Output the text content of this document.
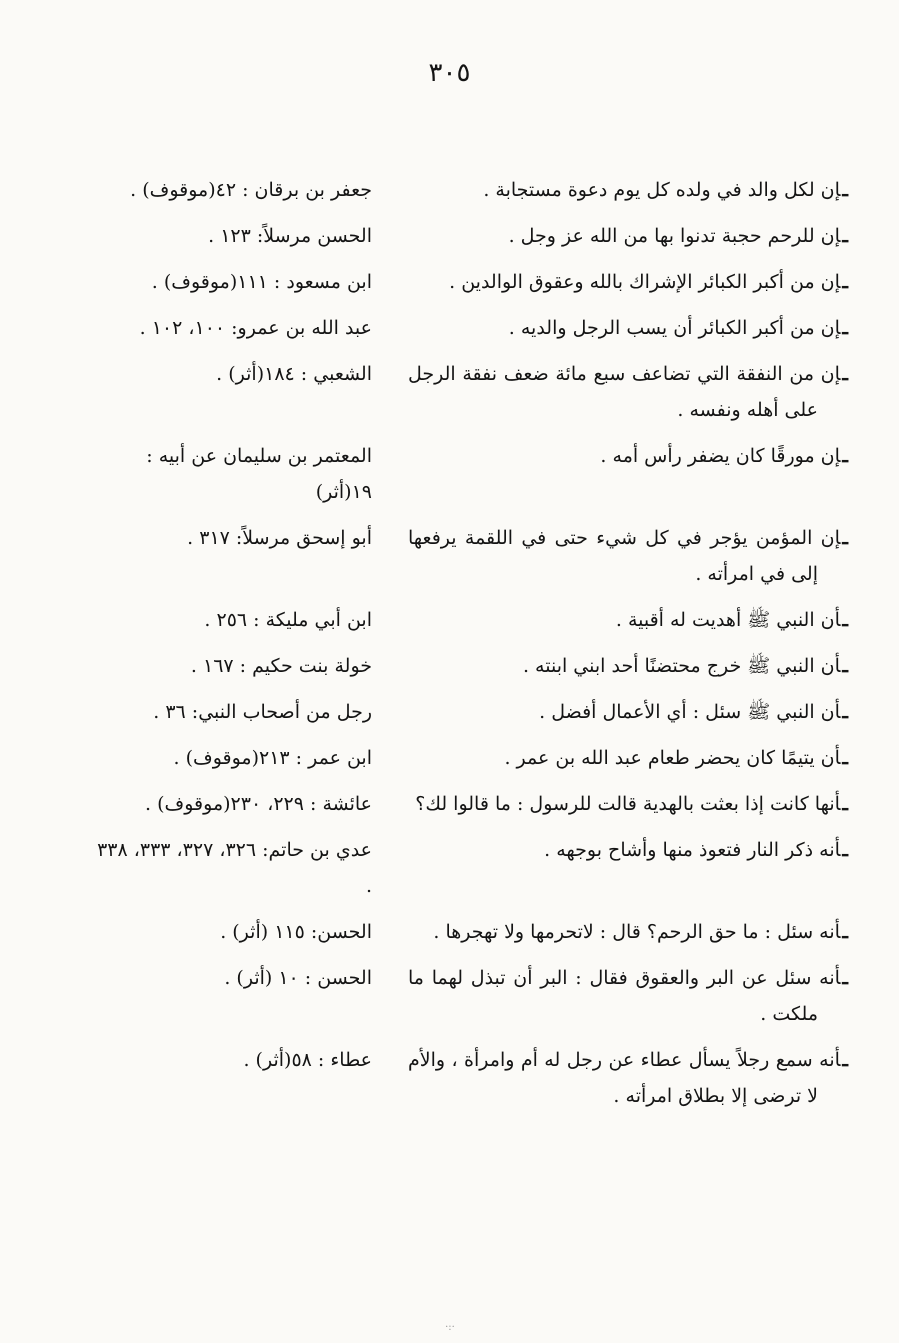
٣٠٥
ـإن لكل والد في ولده كل يوم دعوة مستجابة .
جعفر بن برقان : ٤٢(موقوف) .
ـإن للرحم حجبة تدنوا بها من الله عز وجل .
الحسن مرسلاً: ١٢٣ .
ـإن من أكبر الكبائر الإشراك بالله وعقوق الوالدين .
ابن مسعود : ١١١(موقوف) .
ـإن من أكبر الكبائر أن يسب الرجل والديه .
عبد الله بن عمرو: ١٠٠، ١٠٢ .
ـإن من النفقة التي تضاعف سبع مائة ضعف نفقة الرجل على أهله ونفسه .
الشعبي : ١٨٤(أثر) .
ـإن مورقًا كان يضفر رأس أمه .
المعتمر بن سليمان عن أبيه : ١٩(أثر)
ـإن المؤمن يؤجر في كل شيء حتى في اللقمة يرفعها إلى في امرأته .
أبو إسحق مرسلاً: ٣١٧ .
ـأن النبي ﷺ أهديت له أقبية .
ابن أبي مليكة : ٢٥٦ .
ـأن النبي ﷺ خرج محتضنًا أحد ابني ابنته .
خولة بنت حكيم : ١٦٧ .
ـأن النبي ﷺ سئل : أي الأعمال أفضل .
رجل من أصحاب النبي: ٣٦ .
ـأن يتيمًا كان يحضر طعام عبد الله بن عمر .
ابن عمر : ٢١٣(موقوف) .
ـأنها كانت إذا بعثت بالهدية قالت للرسول : ما قالوا لك؟
عائشة : ٢٢٩، ٢٣٠(موقوف) .
ـأنه ذكر النار فتعوذ منها وأشاح بوجهه .
عدي بن حاتم: ٣٢٦، ٣٢٧، ٣٣٣، ٣٣٨ .
ـأنه سئل : ما حق الرحم؟ قال : لاتحرمها ولا تهجرها .
الحسن: ١١٥ (أثر) .
ـأنه سئل عن البر والعقوق فقال : البر أن تبذل لهما ما ملكت .
الحسن : ١٠ (أثر) .
ـأنه سمع رجلاً يسأل عطاء عن رجل له أم وامرأة ، والأم لا ترضى إلا بطلاق امرأته .
عطاء : ٥٨(أثر) .
·:·
